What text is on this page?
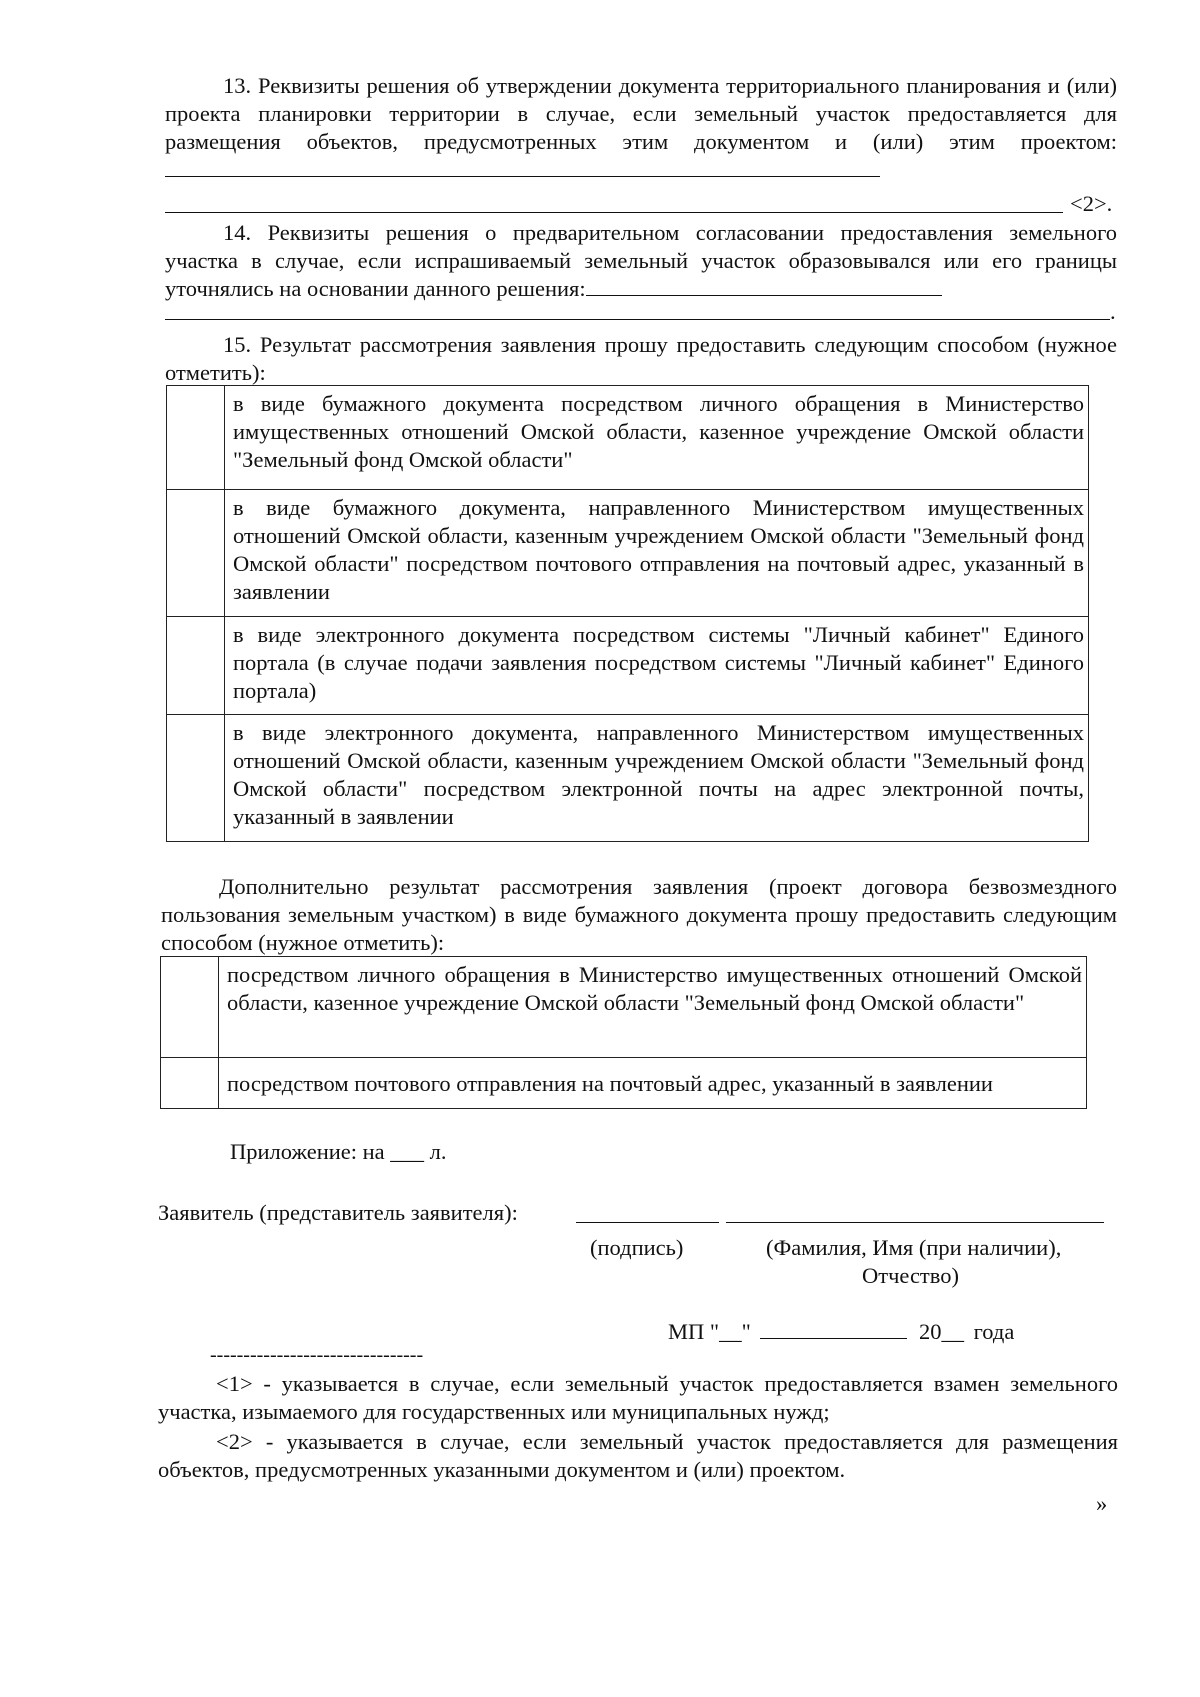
13. Реквизиты решения об утверждении документа территориального планирования и (или) проекта планировки территории в случае, если земельный участок предоставляется для размещения объектов, предусмотренных этим документом и (или) этим проектом:

<2>.

14. Реквизиты решения о предварительном согласовании предоставления земельного участка в случае, если испрашиваемый земельный участок образовывался или его границы уточнялись на основании данного решения:

.

15. Результат рассмотрения заявления прошу предоставить следующим способом (нужное отметить):

	в виде бумажного документа посредством личного обращения в Министерство имущественных отношений Омской области, казенное учреждение Омской области "Земельный фонд Омской области"
	в виде бумажного документа, направленного Министерством имущественных отношений Омской области, казенным учреждением Омской области "Земельный фонд Омской области" посредством почтового отправления на почтовый адрес, указанный в заявлении
	в виде электронного документа посредством системы "Личный кабинет" Единого портала (в случае подачи заявления посредством системы "Личный кабинет" Единого портала)
	в виде электронного документа, направленного Министерством имущественных отношений Омской области, казенным учреждением Омской области "Земельный фонд Омской области" посредством электронной почты на адрес электронной почты, указанный в заявлении

Дополнительно результат рассмотрения заявления (проект договора безвозмездного пользования земельным участком) в виде бумажного документа прошу предоставить следующим способом (нужное отметить):

	посредством личного обращения в Министерство имущественных отношений Омской области, казенное учреждение Омской области "Земельный фонд Омской области"
	посредством почтового отправления на почтовый адрес, указанный в заявлении
Приложение: на ___ л.
Заявитель (представитель заявителя):
(подпись)	(Фамилия, Имя (при наличии),
Отчество)
МП "__"	20__ года
--------------------------------

<1> - указывается в случае, если земельный участок предоставляется взамен земельного участка, изымаемого для государственных или муниципальных нужд;

<2> - указывается в случае, если земельный участок предоставляется для размещения объектов, предусмотренных указанными документом и (или) проектом.

»
